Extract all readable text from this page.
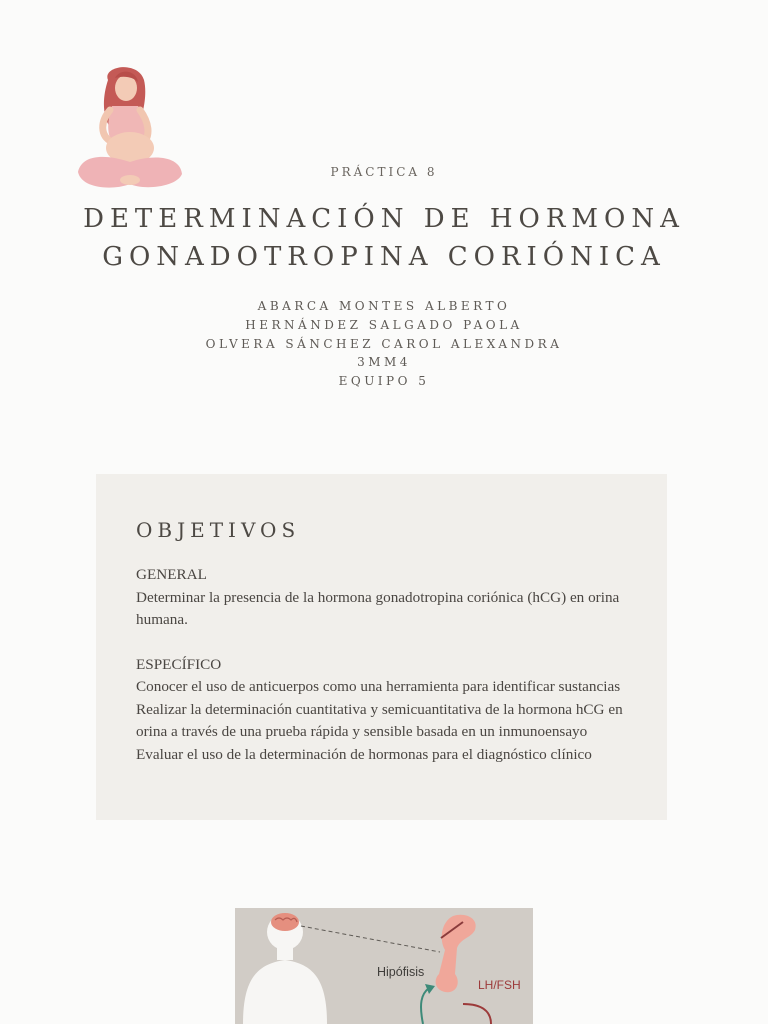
PRÁCTICA 8
DETERMINACIÓN DE HORMONA
GONADOTROPINA CORIÓNICA
ABARCA MONTES ALBERTO
HERNÁNDEZ SALGADO PAOLA
OLVERA SÁNCHEZ CAROL ALEXANDRA
3MM4
EQUIPO 5
OBJETIVOS
GENERAL
Determinar la presencia de la hormona gonadotropina coriónica (hCG) en orina humana.
ESPECÍFICO
Conocer el uso de anticuerpos como una herramienta para identificar sustancias
Realizar la determinación cuantitativa y semicuantitativa de la hormona hCG en orina a través de una prueba rápida y sensible basada en un inmunoensayo
Evaluar el uso de la determinación de hormonas para el diagnóstico clínico
Hipófisis
LH/FSH
